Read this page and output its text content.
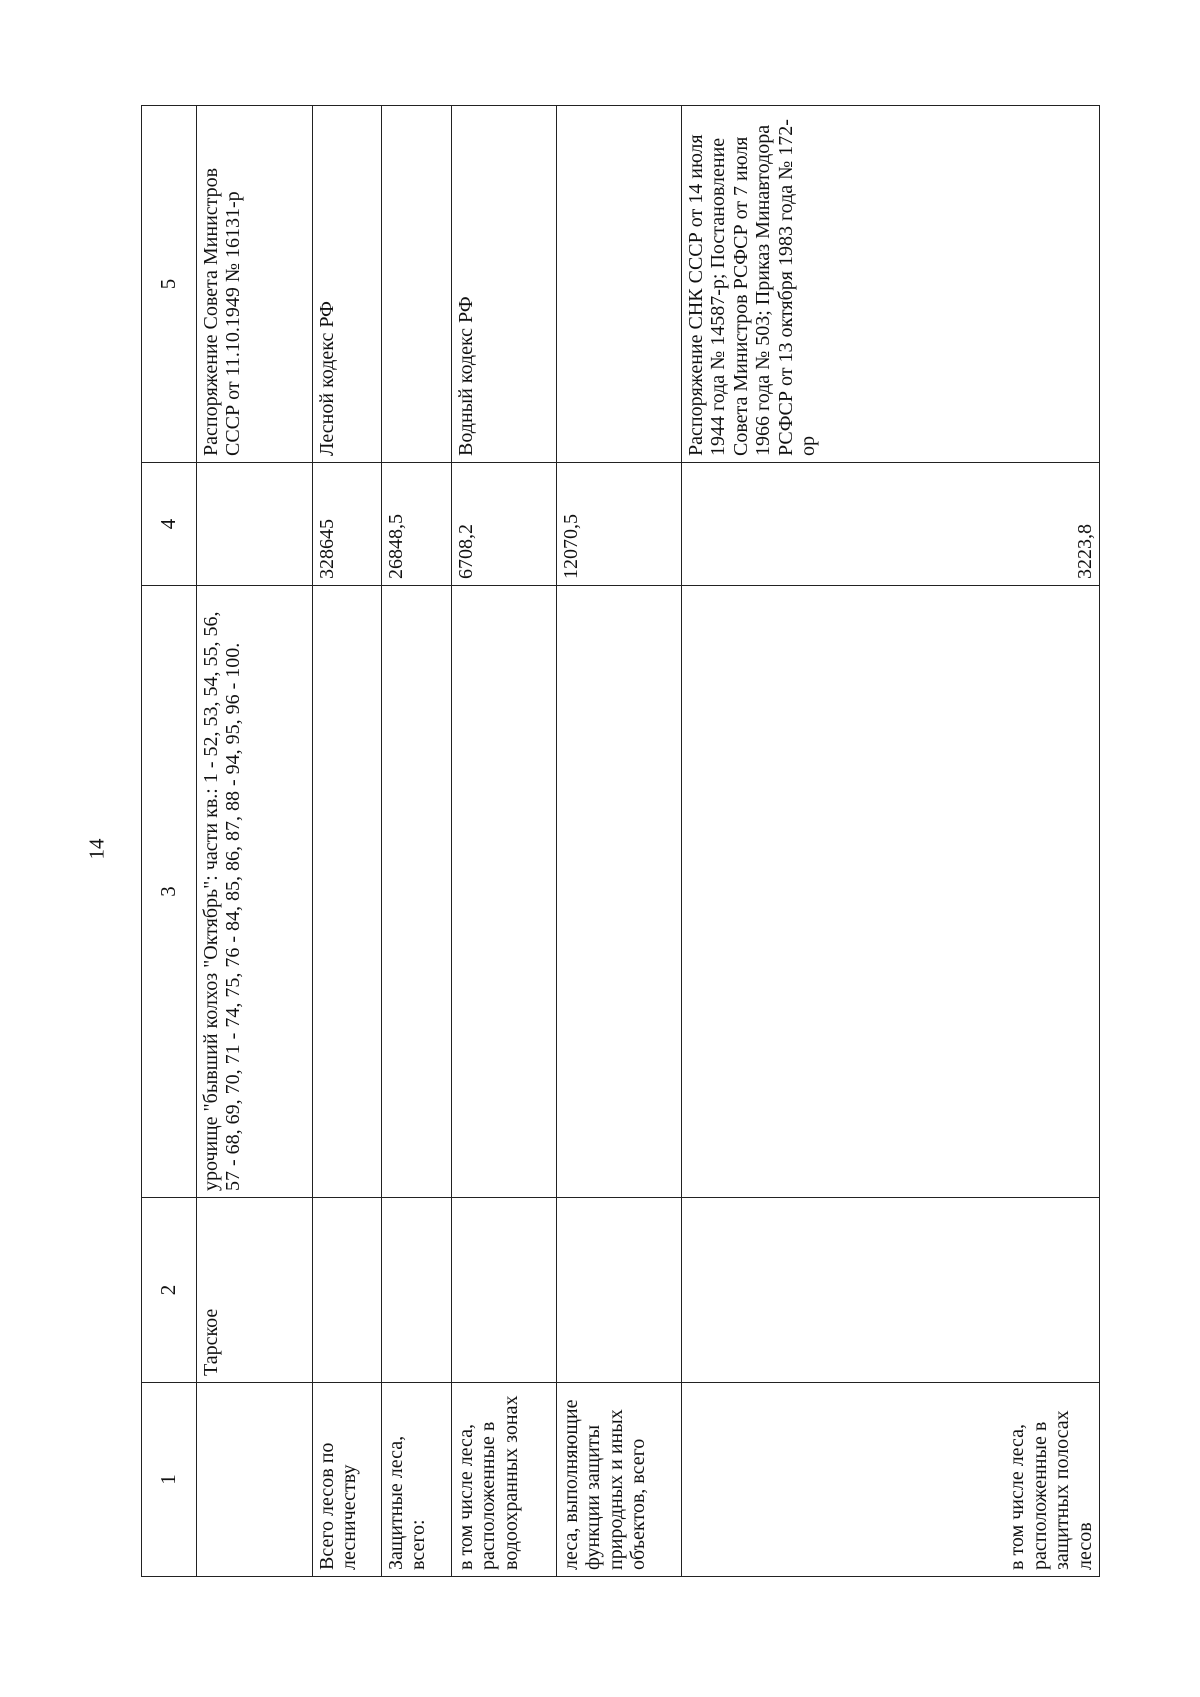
14
1	2	3	4	5
	Тарское	урочище "бывший колхоз "Октябрь": части кв.: 1 - 52, 53, 54, 55, 56, 57 - 68, 69, 70, 71 - 74, 75, 76 - 84, 85, 86, 87, 88 - 94, 95, 96 - 100.		Распоряжение Совета Министров СССР от 11.10.1949 № 16131-р
Всего лесов по лесничеству			328645	Лесной кодекс РФ
Защитные леса, всего:			26848,5	
в том числе леса, расположенные в водоохранных зонах			6708,2	Водный кодекс РФ
леса, выполняющие функции защиты природных и иных объектов, всего			12070,5	
в том числе леса, расположенные в защитных полосах лесов			3223,8	Распоряжение СНК СССР от 14 июля 1944 года № 14587-р; Постановление Совета Министров РСФСР от 7 июля 1966 года № 503; Приказ Минавтодора РСФСР от 13 октября 1983 года № 172-ор
